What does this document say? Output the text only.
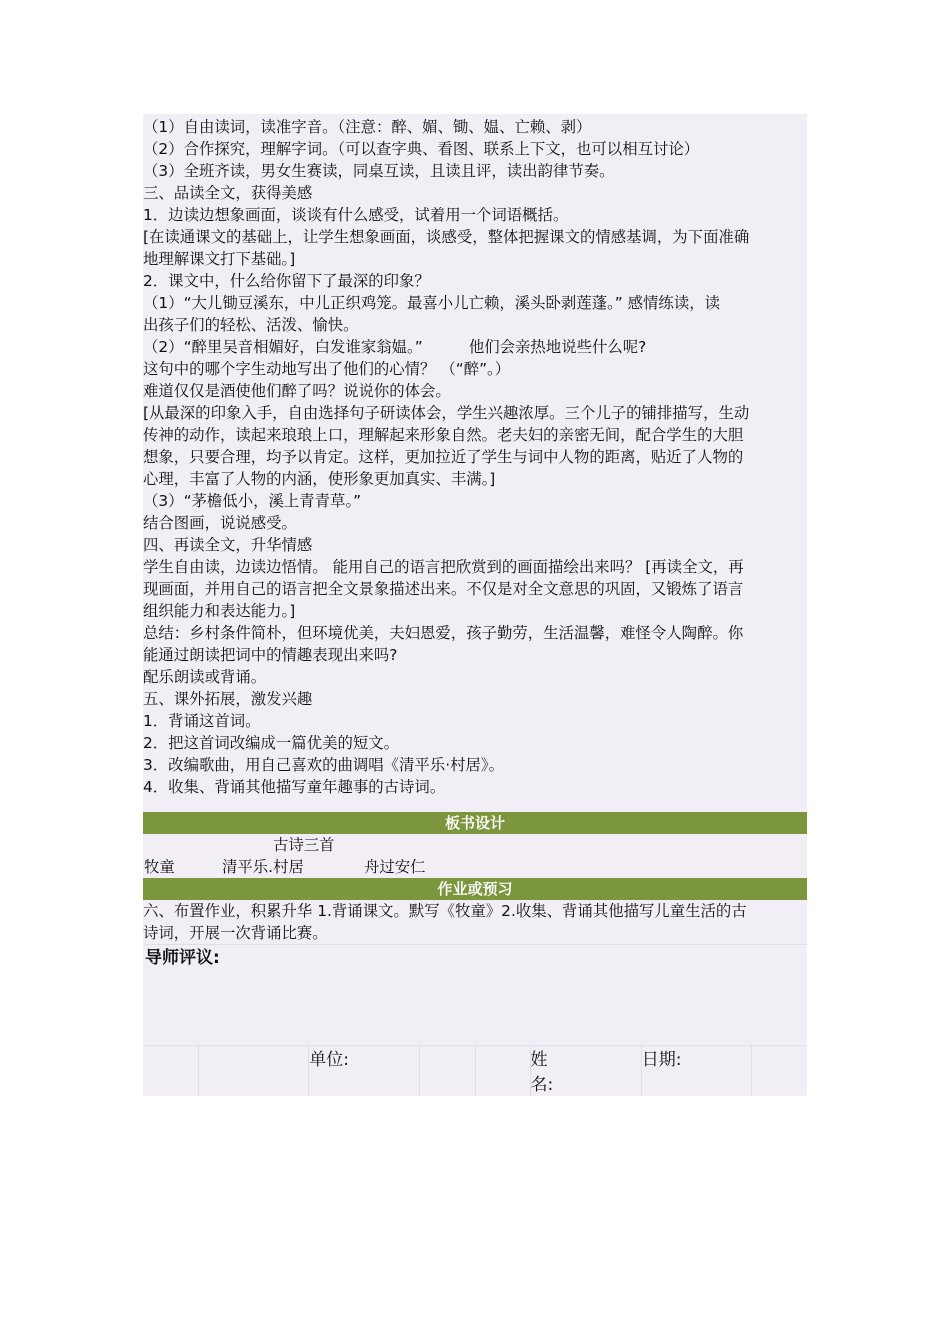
（1）自由读词，读准字音。（注意：醉、媚、锄、媪、亡赖、剥）
（2）合作探究，理解字词。（可以查字典、看图、联系上下文，也可以相互讨论）
（3）全班齐读，男女生赛读，同桌互读，且读且评，读出韵律节奏。
三、品读全文，获得美感
1．边读边想象画面，谈谈有什么感受，试着用一个词语概括。
[在读通课文的基础上，让学生想象画面，谈感受，整体把握课文的情感基调，为下面准确
地理解课文打下基础。]
2．课文中，什么给你留下了最深的印象？
（1）“大儿锄豆溪东，中儿正织鸡笼。最喜小儿亡赖，溪头卧剥莲蓬。” 感情练读，读
出孩子们的轻松、活泼、愉快。
（2）“醉里吴音相媚好，白发谁家翁媪。”　　　他们会亲热地说些什么呢?
这句中的哪个字生动地写出了他们的心情？ （“醉”。）
难道仅仅是酒使他们醉了吗？说说你的体会。
[从最深的印象入手，自由选择句子研读体会，学生兴趣浓厚。三个儿子的铺排描写，生动
传神的动作，读起来琅琅上口，理解起来形象自然。老夫妇的亲密无间，配合学生的大胆
想象，只要合理，均予以肯定。这样，更加拉近了学生与词中人物的距离，贴近了人物的
心理，丰富了人物的内涵，使形象更加真实、丰满。]
（3）“茅檐低小，溪上青青草。”
结合图画，说说感受。
四、再读全文，升华情感
学生自由读，边读边悟情。 能用自己的语言把欣赏到的画面描绘出来吗？ [再读全文，再
现画面，并用自己的语言把全文景象描述出来。不仅是对全文意思的巩固，又锻炼了语言
组织能力和表达能力。]
总结：乡村条件简朴，但环境优美，夫妇恩爱，孩子勤劳，生活温馨，难怪令人陶醉。你
能通过朗读把词中的情趣表现出来吗?
配乐朗读或背诵。
五、课外拓展，激发兴趣
1．背诵这首词。
2．把这首词改编成一篇优美的短文。
3．改编歌曲，用自己喜欢的曲调唱《清平乐·村居》。
4．收集、背诵其他描写童年趣事的古诗词。
板书设计
古诗三首
牧童	清平乐.村居	舟过安仁
作业或预习
六、布置作业，积累升华 1.背诵课文。默写《牧童》2.收集、背诵其他描写儿童生活的古
诗词，开展一次背诵比赛。
导师评议:
单位:	姓
名:
日期:
